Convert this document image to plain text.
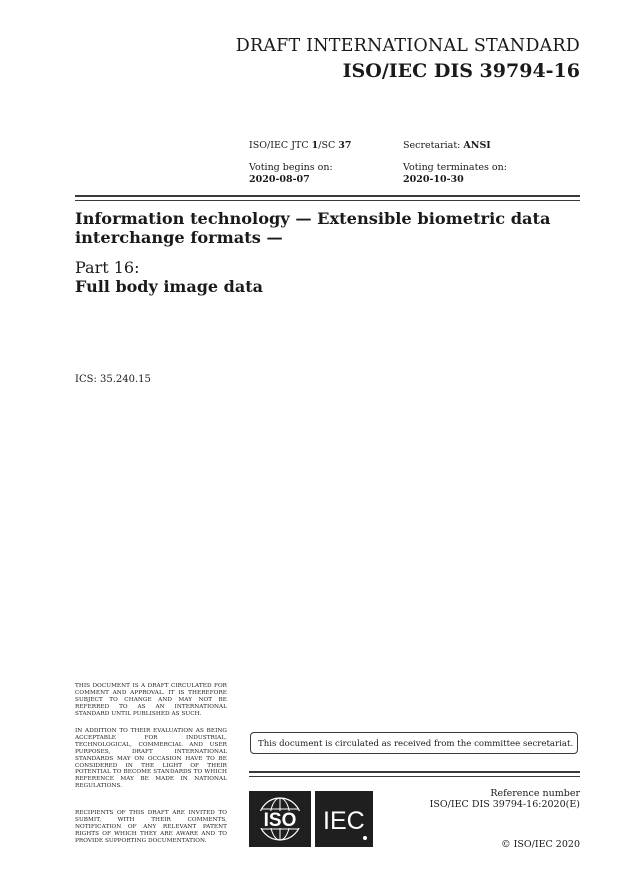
DRAFT INTERNATIONAL STANDARD
ISO/IEC DIS 39794-16
ISO/IEC JTC 1/SC 37	Secretariat: ANSI
Voting begins on:
2020-08-07
Voting terminates on:
2020-10-30
Information technology — Extensible biometric data interchange formats —
Part 16:
Full body image data
ICS: 35.240.15
THIS DOCUMENT IS A DRAFT CIRCULATED FOR COMMENT AND APPROVAL. IT IS THEREFORE SUBJECT TO CHANGE AND MAY NOT BE REFERRED TO AS AN INTERNATIONAL STANDARD UNTIL PUBLISHED AS SUCH.
IN ADDITION TO THEIR EVALUATION AS BEING ACCEPTABLE FOR INDUSTRIAL, TECHNOLOGICAL, COMMERCIAL AND USER PURPOSES, DRAFT INTERNATIONAL STANDARDS MAY ON OCCASION HAVE TO BE CONSIDERED IN THE LIGHT OF THEIR POTENTIAL TO BECOME STANDARDS TO WHICH REFERENCE MAY BE MADE IN NATIONAL REGULATIONS.
RECIPIENTS OF THIS DRAFT ARE INVITED TO SUBMIT, WITH THEIR COMMENTS, NOTIFICATION OF ANY RELEVANT PATENT RIGHTS OF WHICH THEY ARE AWARE AND TO PROVIDE SUPPORTING DOCUMENTATION.
This document is circulated as received from the committee secretariat.
Reference number
ISO/IEC DIS 39794-16:2020(E)
ISO IEC
© ISO/IEC 2020
